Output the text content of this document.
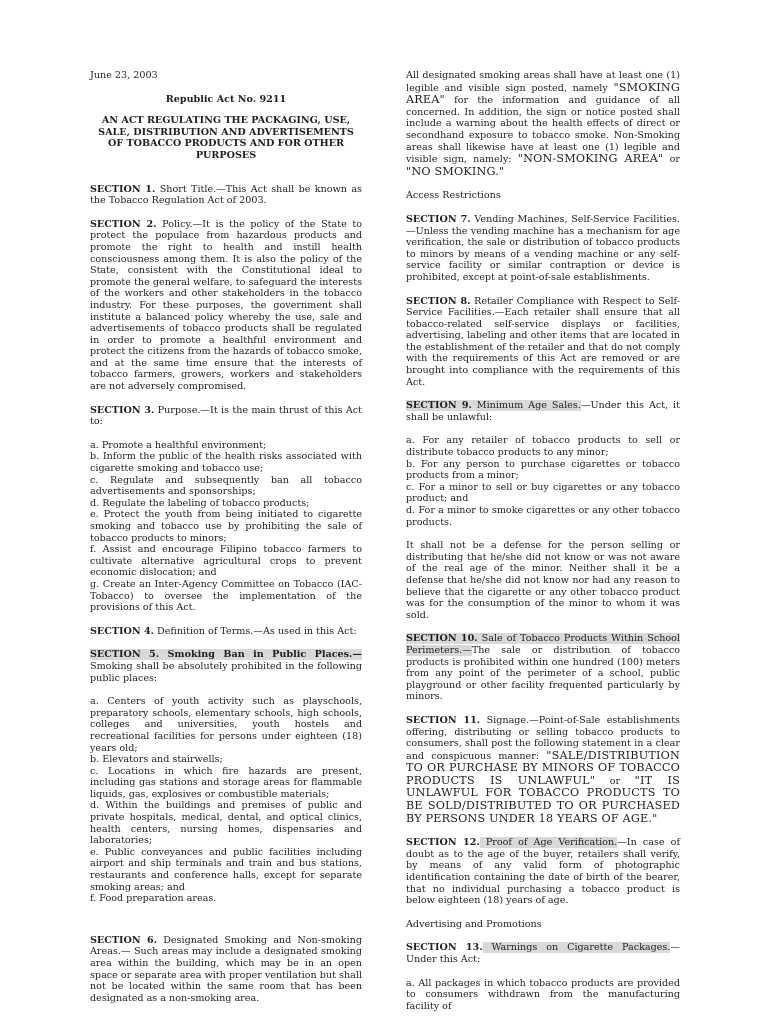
June 23, 2003

Republic Act No. 9211

AN ACT REGULATING THE PACKAGING, USE, SALE, DISTRIBUTION AND ADVERTISEMENTS OF TOBACCO PRODUCTS AND FOR OTHER PURPOSES

SECTION 1. Short Title.—This Act shall be known as the Tobacco Regulation Act of 2003.

SECTION 2. Policy.—It is the policy of the State to protect the populace from hazardous products and promote the right to health and instill health consciousness among them. It is also the policy of the State, consistent with the Constitutional ideal to promote the general welfare, to safeguard the interests of the workers and other stakeholders in the tobacco industry. For these purposes, the government shall institute a balanced policy whereby the use, sale and advertisements of tobacco products shall be regulated in order to promote a healthful environment and protect the citizens from the hazards of tobacco smoke, and at the same time ensure that the interests of tobacco farmers, growers, workers and stakeholders are not adversely compromised.

SECTION 3. Purpose.—It is the main thrust of this Act to:

a. Promote a healthful environment;
b. Inform the public of the health risks associated with cigarette smoking and tobacco use;
c. Regulate and subsequently ban all tobacco advertisements and sponsorships;
d. Regulate the labeling of tobacco products;
e. Protect the youth from being initiated to cigarette smoking and tobacco use by prohibiting the sale of tobacco products to minors;
f. Assist and encourage Filipino tobacco farmers to cultivate alternative agricultural crops to prevent economic dislocation; and
g. Create an Inter-Agency Committee on Tobacco (IAC-Tobacco) to oversee the implementation of the provisions of this Act.

SECTION 4. Definition of Terms.—As used in this Act:

SECTION 5. Smoking Ban in Public Places.—Smoking shall be absolutely prohibited in the following public places:

a. Centers of youth activity such as playschools, preparatory schools, elementary schools, high schools, colleges and universities, youth hostels and recreational facilities for persons under eighteen (18) years old;
b. Elevators and stairwells;
c. Locations in which fire hazards are present, including gas stations and storage areas for flammable liquids, gas, explosives or combustible materials;
d. Within the buildings and premises of public and private hospitals, medical, dental, and optical clinics, health centers, nursing homes, dispensaries and laboratories;
e. Public conveyances and public facilities including airport and ship terminals and train and bus stations, restaurants and conference halls, except for separate smoking areas; and
f. Food preparation areas.

SECTION 6. Designated Smoking and Non-smoking Areas.— Such areas may include a designated smoking area within the building, which may be in an open space or separate area with proper ventilation but shall not be located within the same room that has been designated as a non-smoking area.

All designated smoking areas shall have at least one (1) legible and visible sign posted, namely "SMOKING AREA" for the information and guidance of all concerned. In addition, the sign or notice posted shall include a warning about the health effects of direct or secondhand exposure to tobacco smoke. Non-Smoking areas shall likewise have at least one (1) legible and visible sign, namely: "NON-SMOKING AREA" or "NO SMOKING."

Access Restrictions

SECTION 7. Vending Machines, Self-Service Facilities.—Unless the vending machine has a mechanism for age verification, the sale or distribution of tobacco products to minors by means of a vending machine or any self-service facility or similar contraption or device is prohibited, except at point-of-sale establishments.

SECTION 8. Retailer Compliance with Respect to Self-Service Facilities.—Each retailer shall ensure that all tobacco-related self-service displays or facilities, advertising, labeling and other items that are located in the establishment of the retailer and that do not comply with the requirements of this Act are removed or are brought into compliance with the requirements of this Act.

SECTION 9. Minimum Age Sales.—Under this Act, it shall be unlawful:

a. For any retailer of tobacco products to sell or distribute tobacco products to any minor;
b. For any person to purchase cigarettes or tobacco products from a minor;
c. For a minor to sell or buy cigarettes or any tobacco product; and
d. For a minor to smoke cigarettes or any other tobacco products.

It shall not be a defense for the person selling or distributing that he/she did not know or was not aware of the real age of the minor. Neither shall it be a defense that he/she did not know nor had any reason to believe that the cigarette or any other tobacco product was for the consumption of the minor to whom it was sold.

SECTION 10. Sale of Tobacco Products Within School Perimeters.—The sale or distribution of tobacco products is prohibited within one hundred (100) meters from any point of the perimeter of a school, public playground or other facility frequented particularly by minors.

SECTION 11. Signage.—Point-of-Sale establishments offering, distributing or selling tobacco products to consumers, shall post the following statement in a clear and conspicuous manner: "SALE/DISTRIBUTION TO OR PURCHASE BY MINORS OF TOBACCO PRODUCTS IS UNLAWFUL" or "IT IS UNLAWFUL FOR TOBACCO PRODUCTS TO BE SOLD/DISTRIBUTED TO OR PURCHASED BY PERSONS UNDER 18 YEARS OF AGE."

SECTION 12. Proof of Age Verification.—In case of doubt as to the age of the buyer, retailers shall verify, by means of any valid form of photographic identification containing the date of birth of the bearer, that no individual purchasing a tobacco product is below eighteen (18) years of age.

Advertising and Promotions

SECTION 13. Warnings on Cigarette Packages.—Under this Act:

a. All packages in which tobacco products are provided to consumers withdrawn from the manufacturing facility of
